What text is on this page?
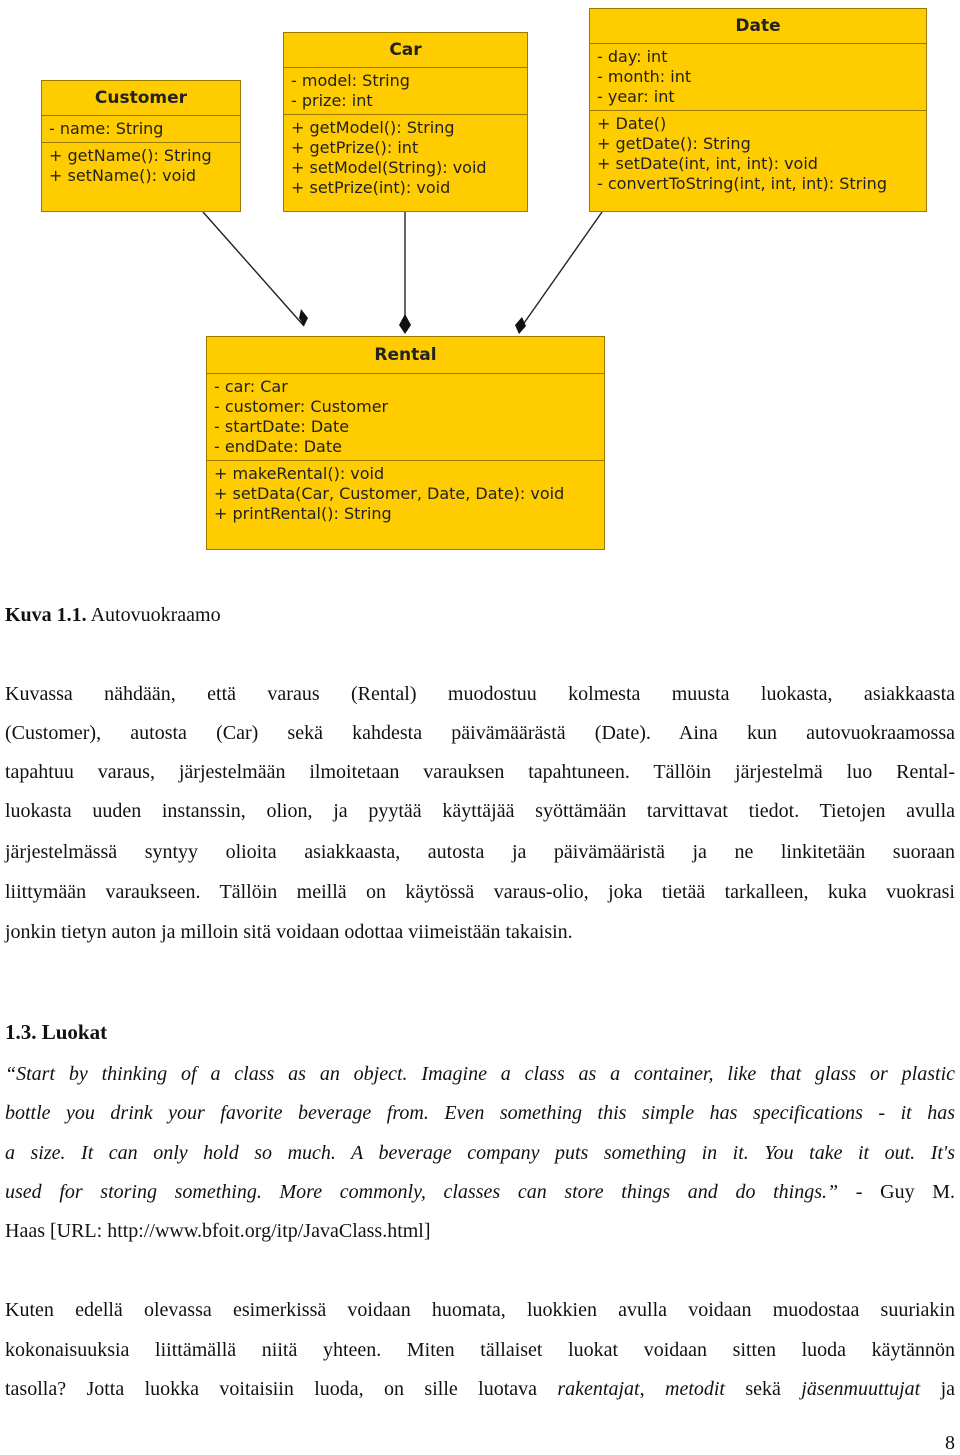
Customer
- name: String
+ getName(): String
+ setName(): void
Car
- model: String
- prize: int
+ getModel(): String
+ getPrize(): int
+ setModel(String): void
+ setPrize(int): void
Date
- day: int
- month: int
- year: int
+ Date()
+ getDate(): String
+ setDate(int, int, int): void
- convertToString(int, int, int): String
Rental
- car: Car
- customer: Customer
- startDate: Date
- endDate: Date
+ makeRental(): void
+ setData(Car, Customer, Date, Date): void
+ printRental(): String
Kuva 1.1. Autovuokraamo
Kuvassa nähdään, että varaus (Rental) muodostuu kolmesta muusta luokasta, asiakkaasta
(Customer), autosta (Car) sekä kahdesta päivämäärästä (Date). Aina kun autovuokraamossa
tapahtuu varaus, järjestelmään ilmoitetaan varauksen tapahtuneen. Tällöin järjestelmä luo Rental-
luokasta uuden instanssin, olion, ja pyytää käyttäjää syöttämään tarvittavat tiedot. Tietojen avulla
järjestelmässä syntyy olioita asiakkaasta, autosta ja päivämääristä ja ne linkitetään suoraan
liittymään varaukseen. Tällöin meillä on käytössä varaus-olio, joka tietää tarkalleen, kuka vuokrasi
jonkin tietyn auton ja milloin sitä voidaan odottaa viimeistään takaisin.
1.3. Luokat
“Start by thinking of a class as an object. Imagine a class as a container, like that glass or plastic
bottle you drink your favorite beverage from. Even something this simple has specifications - it has
a size. It can only hold so much. A beverage company puts something in it. You take it out. It's
used for storing something. More commonly, classes can store things and do things.” - Guy M.
Haas [URL: http://www.bfoit.org/itp/JavaClass.html]
Kuten edellä olevassa esimerkissä voidaan huomata, luokkien avulla voidaan muodostaa suuriakin
kokonaisuuksia liittämällä niitä yhteen. Miten tällaiset luokat voidaan sitten luoda käytännön
tasolla? Jotta luokka voitaisiin luoda, on sille luotava rakentajat, metodit sekä jäsenmuuttujat ja
8
